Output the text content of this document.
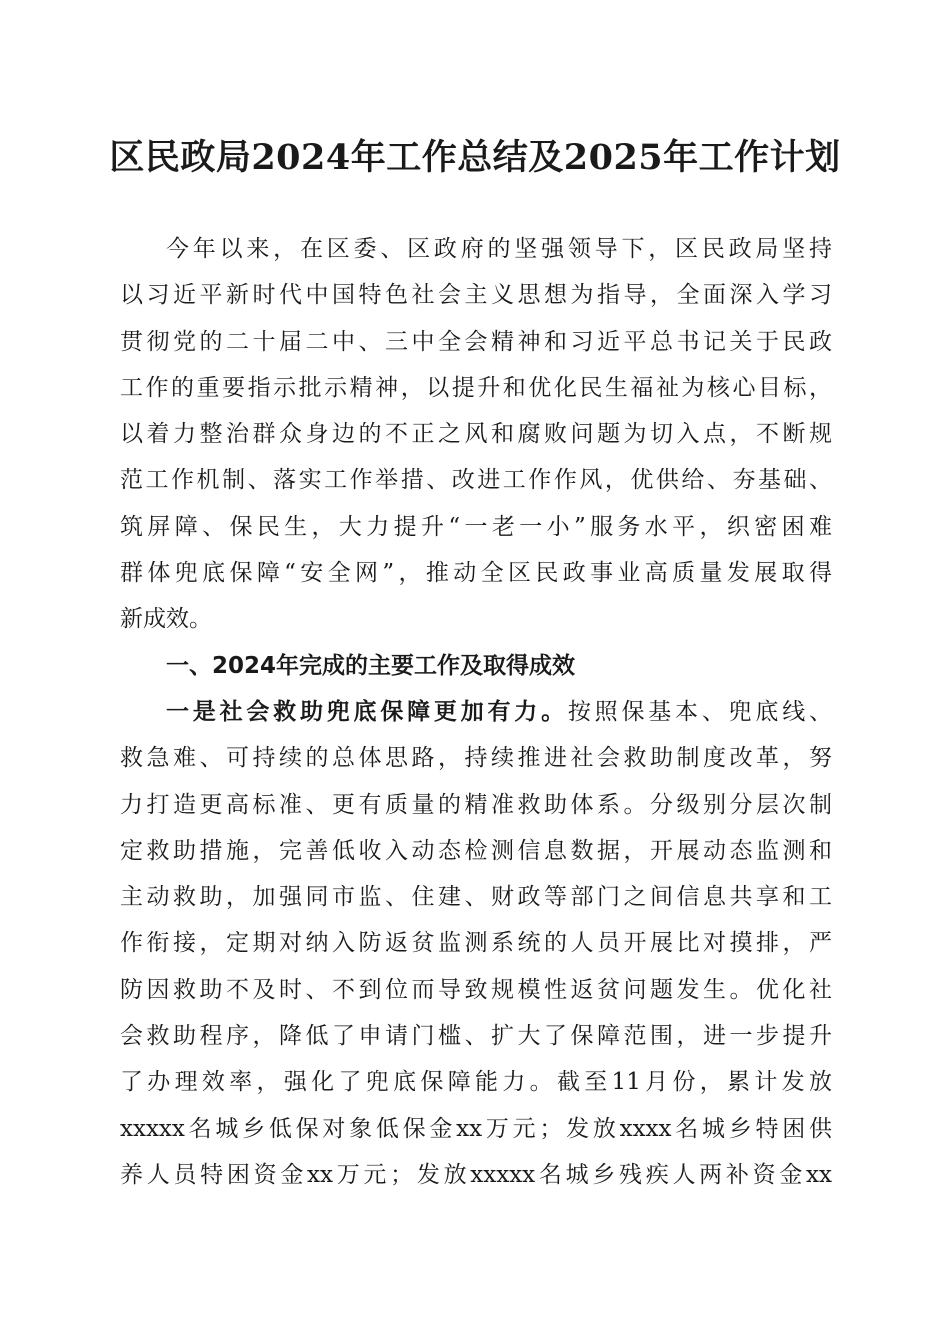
区民政局2024年工作总结及2025年工作计划
今年以来，在区委、区政府的坚强领导下，区民政局坚持
以习近平新时代中国特色社会主义思想为指导，全面深入学习
贯彻党的二十届二中、三中全会精神和习近平总书记关于民政
工作的重要指示批示精神，以提升和优化民生福祉为核心目标，
以着力整治群众身边的不正之风和腐败问题为切入点，不断规
范工作机制、落实工作举措、改进工作作风，优供给、夯基础、
筑屏障、保民生，大力提升“一老一小”服务水平，织密困难
群体兜底保障“安全网”，推动全区民政事业高质量发展取得
新成效。
一、2024年完成的主要工作及取得成效
一是社会救助兜底保障更加有力。按照保基本、兜底线、
救急难、可持续的总体思路，持续推进社会救助制度改革，努
力打造更高标准、更有质量的精准救助体系。分级别分层次制
定救助措施，完善低收入动态检测信息数据，开展动态监测和
主动救助，加强同市监、住建、财政等部门之间信息共享和工
作衔接，定期对纳入防返贫监测系统的人员开展比对摸排，严
防因救助不及时、不到位而导致规模性返贫问题发生。优化社
会救助程序，降低了申请门槛、扩大了保障范围，进一步提升
了办理效率，强化了兜底保障能力。截至11月份，累计发放
xxxxx名城乡低保对象低保金xx万元；发放xxxx名城乡特困供
养人员特困资金xx万元；发放xxxxx名城乡残疾人两补资金xx
